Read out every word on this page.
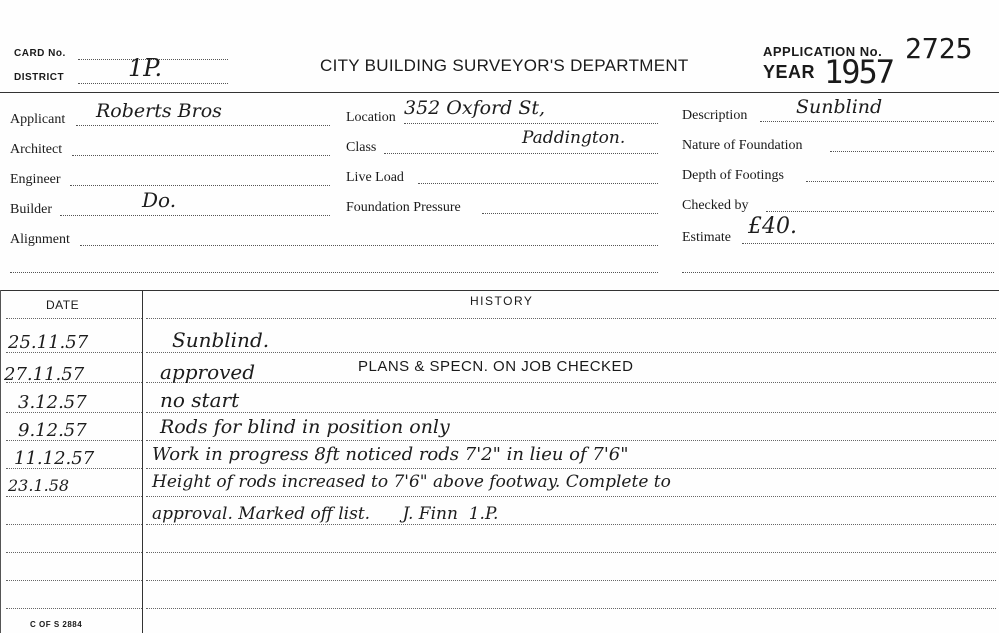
CARD No.
DISTRICT	1P.	CITY BUILDING SURVEYOR'S DEPARTMENT
APPLICATION No. 2725
YEAR 1957
Applicant Roberts Bros
Architect
Engineer
Builder	Do.
Alignment
Location 352 Oxford St,
Class	Paddington.
Live Load
Foundation Pressure
Description	Sunblind
Nature of Foundation
Depth of Footings
Checked by
Estimate £40.
DATE	HISTORY
25.11.57	Sunblind.
27.11.57	approved	PLANS & SPECN. ON JOB CHECKED
3.12.57	no start
9.12.57	Rods for blind in position only
11.12.57	Work in progress 8ft noticed rods 7'2" in lieu of 7'6"
23.1.58	Height of rods increased to 7'6" above footway. Complete to
approval. Marked off list.      J. Finn  1.P.
C OF S 2884
